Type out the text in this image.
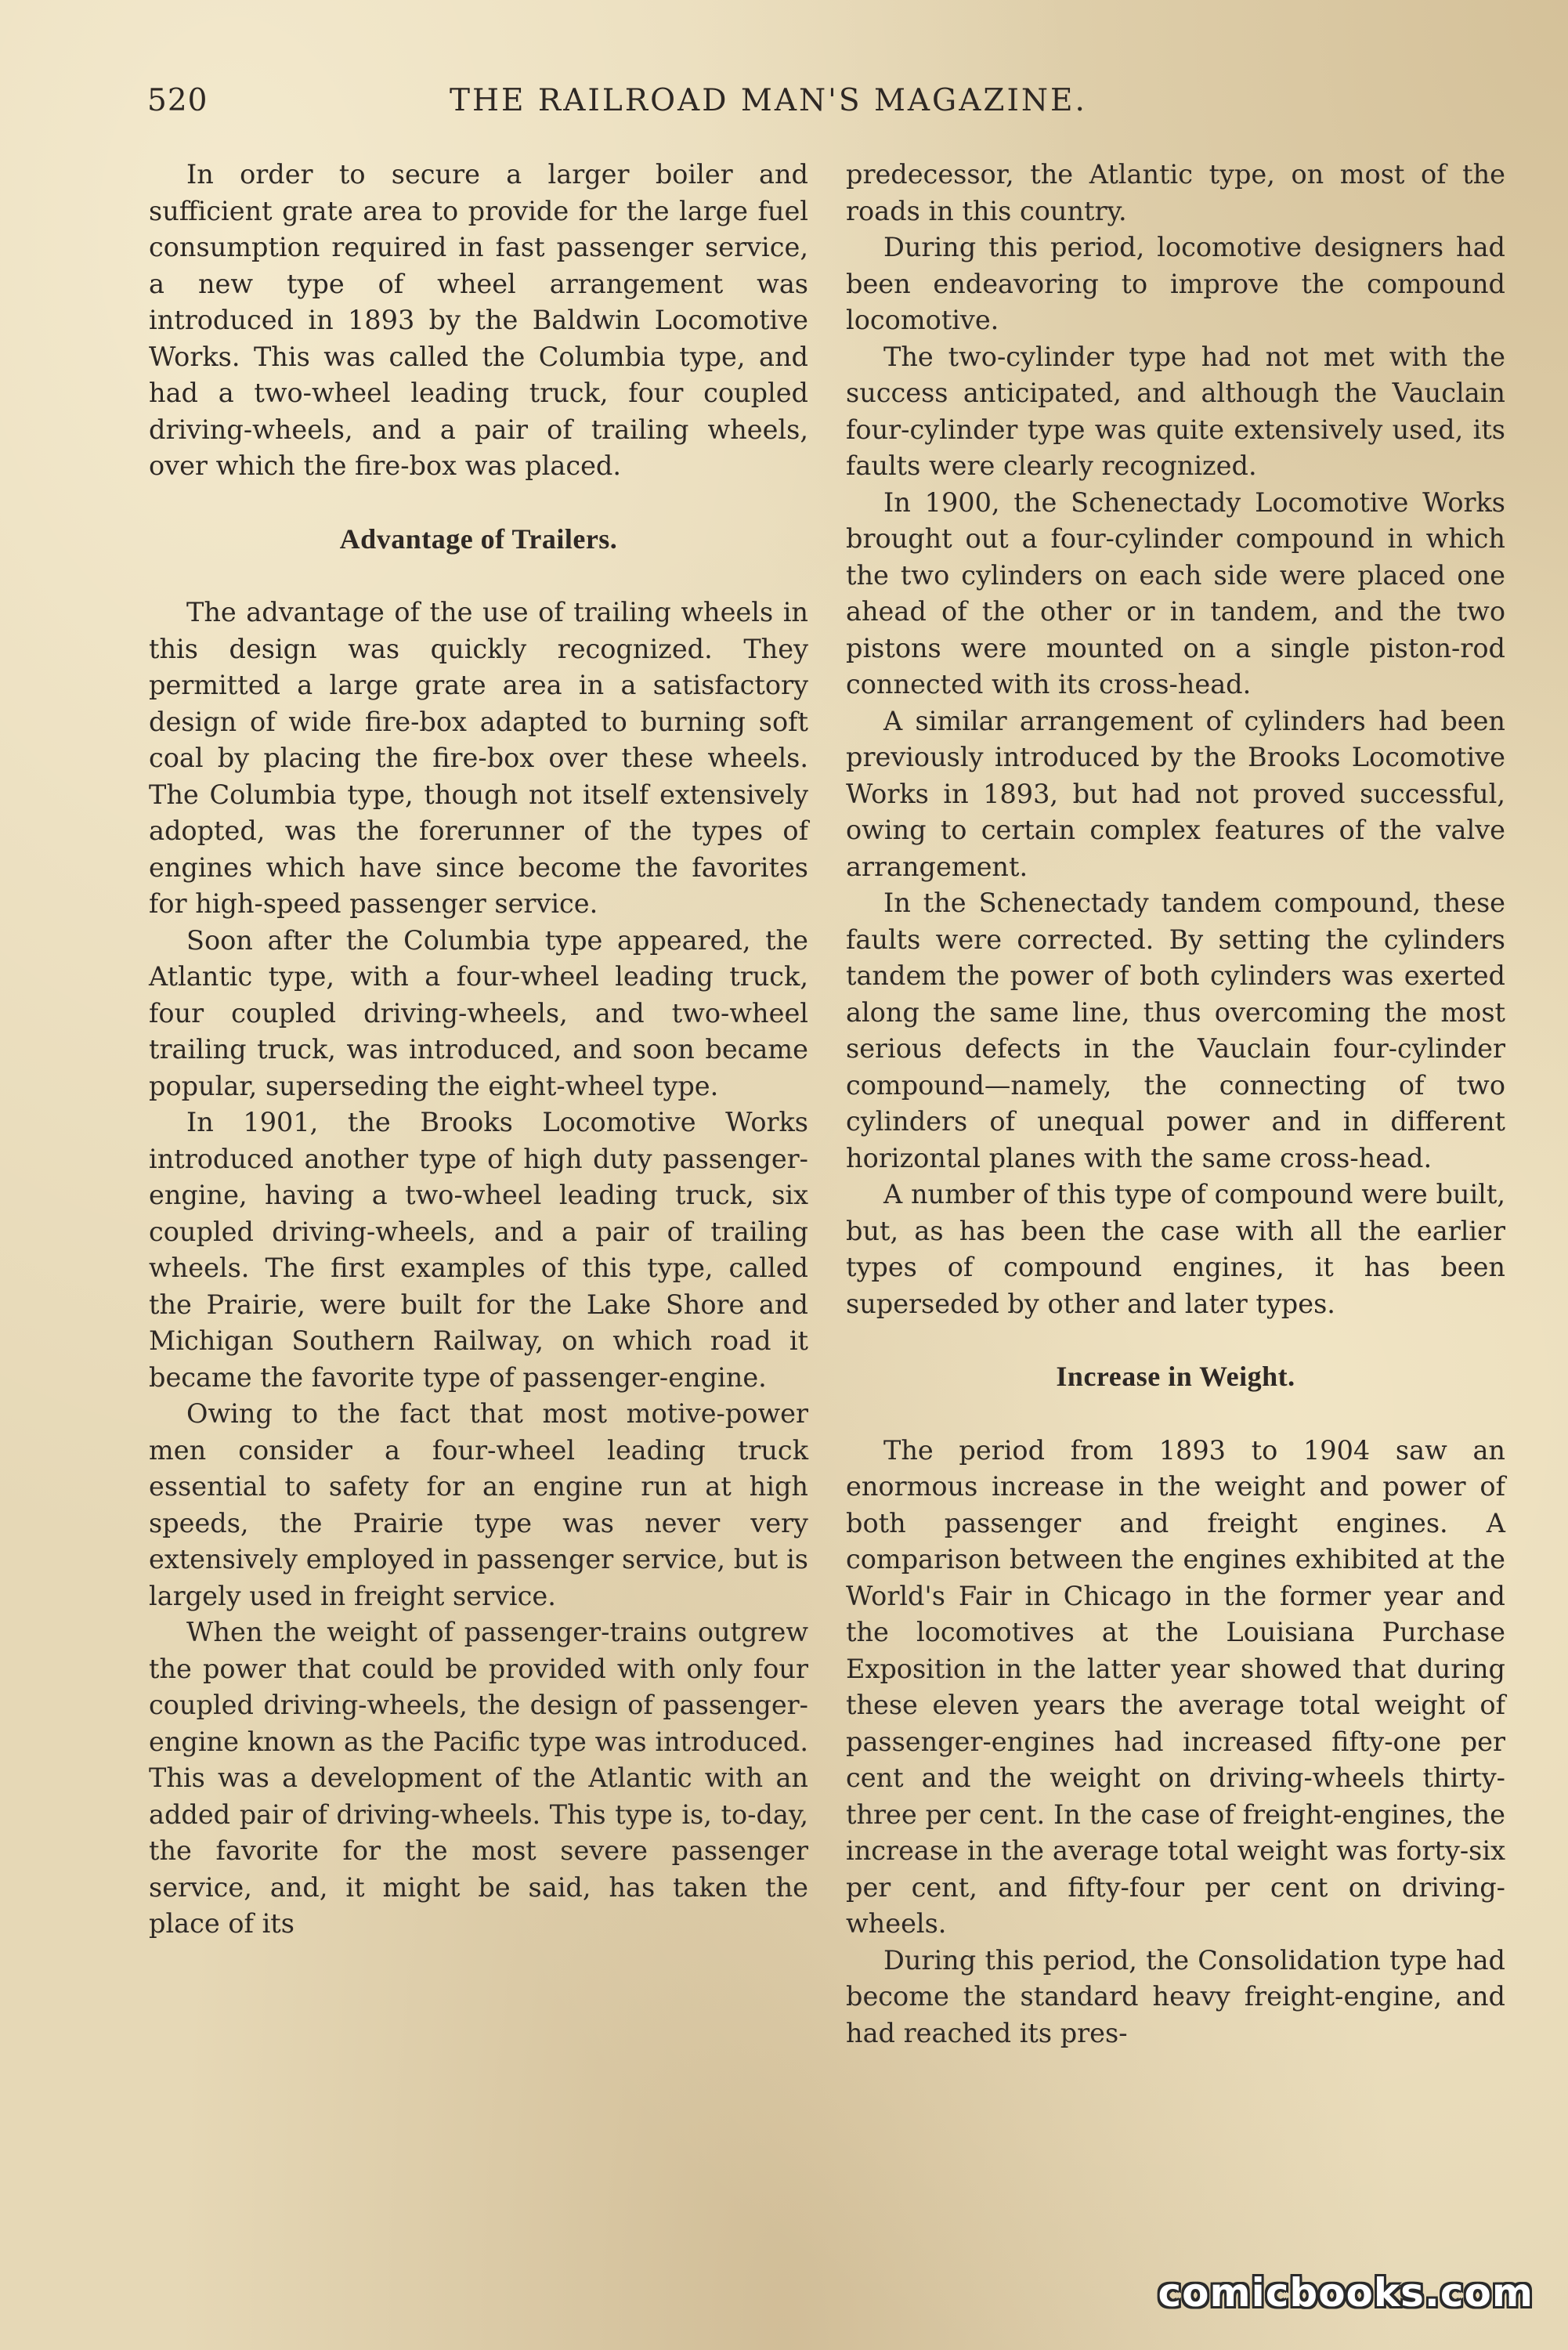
520	THE RAILROAD MAN'S MAGAZINE.

In order to secure a larger boiler and sufficient grate area to provide for the large fuel consumption required in fast passenger service, a new type of wheel arrangement was introduced in 1893 by the Baldwin Locomotive Works. This was called the Columbia type, and had a two-wheel leading truck, four coupled driving-wheels, and a pair of trailing wheels, over which the fire-box was placed.

Advantage of Trailers.

The advantage of the use of trailing wheels in this design was quickly recognized. They permitted a large grate area in a satisfactory design of wide fire-box adapted to burning soft coal by placing the fire-box over these wheels. The Columbia type, though not itself extensively adopted, was the forerunner of the types of engines which have since become the favorites for high-speed passenger service.

Soon after the Columbia type appeared, the Atlantic type, with a four-wheel leading truck, four coupled driving-wheels, and two-wheel trailing truck, was introduced, and soon became popular, superseding the eight-wheel type.

In 1901, the Brooks Locomotive Works introduced another type of high duty passenger-engine, having a two-wheel leading truck, six coupled driving-wheels, and a pair of trailing wheels. The first examples of this type, called the Prairie, were built for the Lake Shore and Michigan Southern Railway, on which road it became the favorite type of passenger-engine.

Owing to the fact that most motive-power men consider a four-wheel leading truck essential to safety for an engine run at high speeds, the Prairie type was never very extensively employed in passenger service, but is largely used in freight service.

When the weight of passenger-trains outgrew the power that could be provided with only four coupled driving-wheels, the design of passenger-engine known as the Pacific type was introduced. This was a development of the Atlantic with an added pair of driving-wheels. This type is, to-day, the favorite for the most severe passenger service, and, it might be said, has taken the place of its

predecessor, the Atlantic type, on most of the roads in this country.

During this period, locomotive designers had been endeavoring to improve the compound locomotive.

The two-cylinder type had not met with the success anticipated, and although the Vauclain four-cylinder type was quite extensively used, its faults were clearly recognized.

In 1900, the Schenectady Locomotive Works brought out a four-cylinder compound in which the two cylinders on each side were placed one ahead of the other or in tandem, and the two pistons were mounted on a single piston-rod connected with its cross-head.

A similar arrangement of cylinders had been previously introduced by the Brooks Locomotive Works in 1893, but had not proved successful, owing to certain complex features of the valve arrangement.

In the Schenectady tandem compound, these faults were corrected. By setting the cylinders tandem the power of both cylinders was exerted along the same line, thus overcoming the most serious defects in the Vauclain four-cylinder compound—namely, the connecting of two cylinders of unequal power and in different horizontal planes with the same cross-head.

A number of this type of compound were built, but, as has been the case with all the earlier types of compound engines, it has been superseded by other and later types.

Increase in Weight.

The period from 1893 to 1904 saw an enormous increase in the weight and power of both passenger and freight engines. A comparison between the engines exhibited at the World's Fair in Chicago in the former year and the locomotives at the Louisiana Purchase Exposition in the latter year showed that during these eleven years the average total weight of passenger-engines had increased fifty-one per cent and the weight on driving-wheels thirty-three per cent. In the case of freight-engines, the increase in the average total weight was forty-six per cent, and fifty-four per cent on driving-wheels.

During this period, the Consolidation type had become the standard heavy freight-engine, and had reached its pres-

comicbooks.com
